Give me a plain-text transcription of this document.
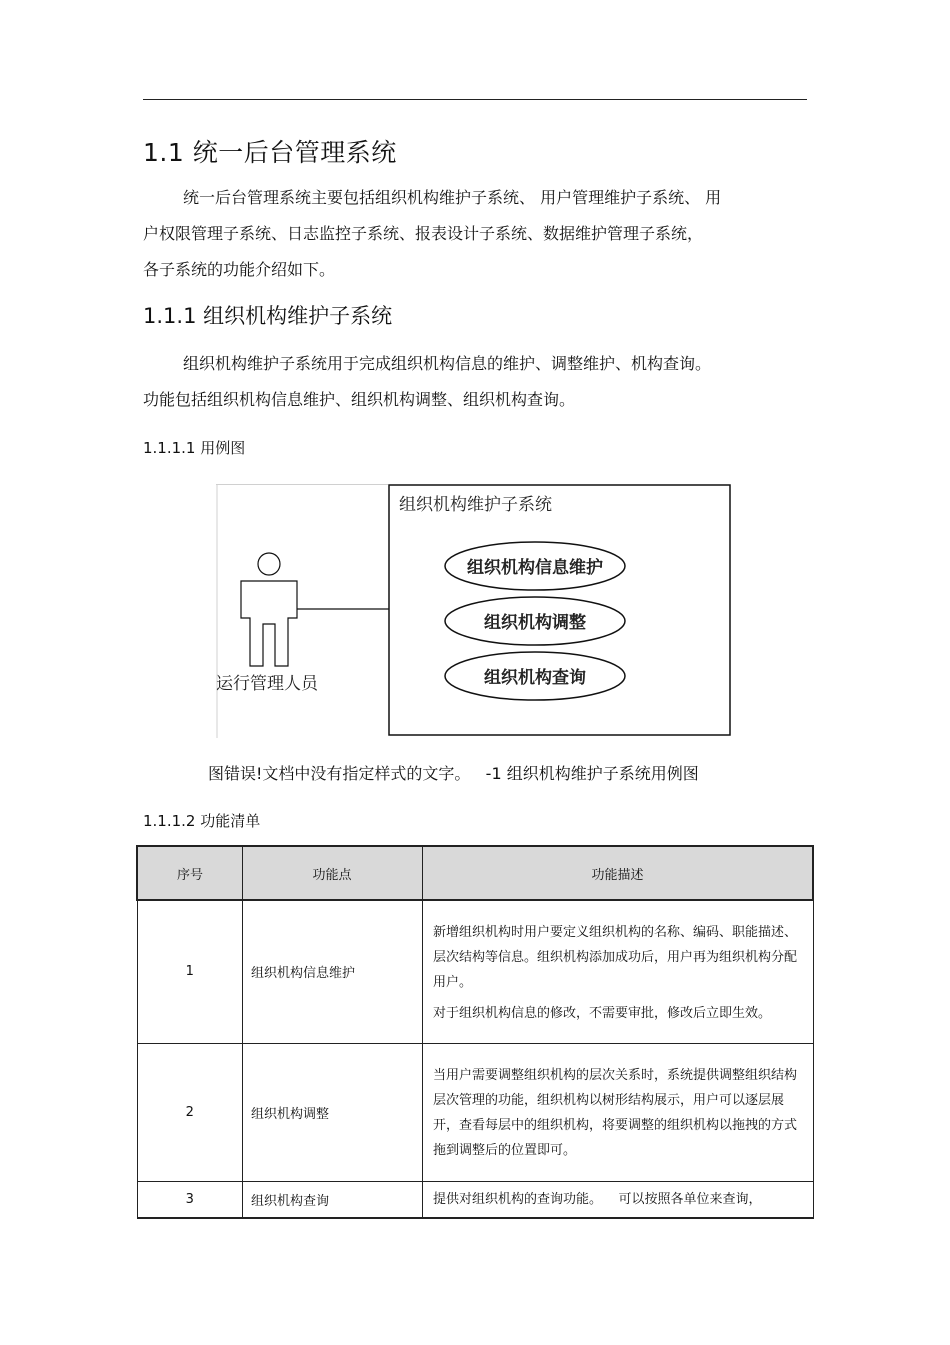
1.1 统一后台管理系统
统一后台管理系统主要包括组织机构维护子系统、 用户管理维护子系统、 用
户权限管理子系统、日志监控子系统、报表设计子系统、数据维护管理子系统，
各子系统的功能介绍如下。
1.1.1 组织机构维护子系统
组织机构维护子系统用于完成组织机构信息的维护、调整维护、机构查询。
功能包括组织机构信息维护、组织机构调整、组织机构查询。
1.1.1.1 用例图
组织机构维护子系统
运行管理人员
组织机构信息维护
组织机构调整
组织机构查询

图错误!文档中没有指定样式的文字。   -1 组织机构维护子系统用例图

1.1.1.2 功能清单
序号	功能点	功能描述
1	组织机构信息维护	新增组织机构时用户要定义组织机构的名称、编码、职能描述、层次结构等信息。组织机构添加成功后，用户再为组织机构分配用户。

对于组织机构信息的修改，不需要审批，修改后立即生效。

2	组织机构调整	当用户需要调整组织机构的层次关系时，系统提供调整组织结构层次管理的功能，组织机构以树形结构展示，用户可以逐层展开，查看每层中的组织机构，将要调整的组织机构以拖拽的方式拖到调整后的位置即可。

3	组织机构查询	提供对组织机构的查询功能。    可以按照各单位来查询，
